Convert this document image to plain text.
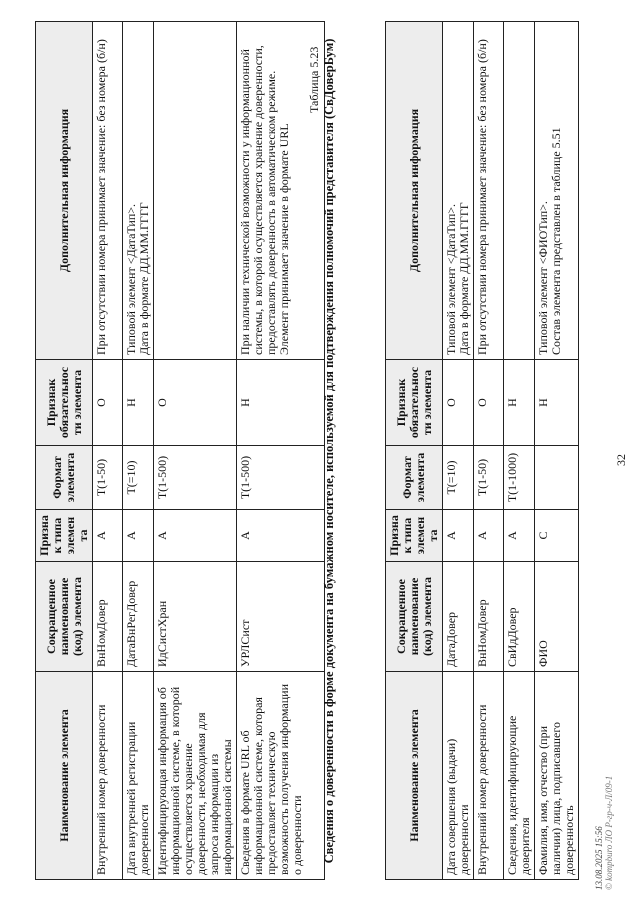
32
Наименование элемента	Сокращенное наименование (код) элемента	Признак типа элемента	Формат элемента	Признак обязательности элемента	Дополнительная информация
Внутренний номер доверенности	ВнНомДовер	А	Т(1-50)	О	При отсутствии номера принимает значение: без номера (б/н)
Дата внутренней регистрации доверенности	ДатаВнРегДовер	А	Т(=10)	Н	Типовой элемент <ДатаТип>.
Дата в формате ДД.ММ.ГГГГ
Идентифицирующая информация об информационной системе, в которой осуществляется хранение доверенности, необходимая для запроса информации из информационной системы	ИдСистХран	А	Т(1-500)	О	
Сведения в формате URL об информационной системе, которая предоставляет техническую возможность получения информации о доверенности	УРЛСист	А	Т(1-500)	Н	При наличии технической возможности у информационной системы, в которой осуществляется хранение доверенности, предоставлять доверенность в автоматическом режиме. Элемент принимает значение в формате URL
Таблица 5.23 Сведения о доверенности в форме документа на бумажном носителе, используемой для подтверждения полномочий представителя (СвДоверБум)	Наименование элемента	Сокращенное наименование (код) элемента	Признак типа элемента	Формат элемента	Признак обязательности элемента	Дополнительная информация
Дата совершения (выдачи) доверенности	ДатаДовер	А	Т(=10)	О	Типовой элемент <ДатаТип>.
Дата в формате ДД.ММ.ГГГГ
Внутренний номер доверенности	ВнНомДовер	А	Т(1-50)	О	При отсутствии номера принимает значение: без номера (б/н)
Сведения, идентифицирующие доверителя	СвИдДовер	А	Т(1-1000)	Н	
Фамилия, имя, отчество (при наличии) лица, подписавшего доверенность	ФИО	С		Н	Типовой элемент <ФИОТип>.
Состав элемента представлен в таблице 5.51
13.08.2025 15:56 © kompburo ЛО Р-гр-ч-Л/09-1
